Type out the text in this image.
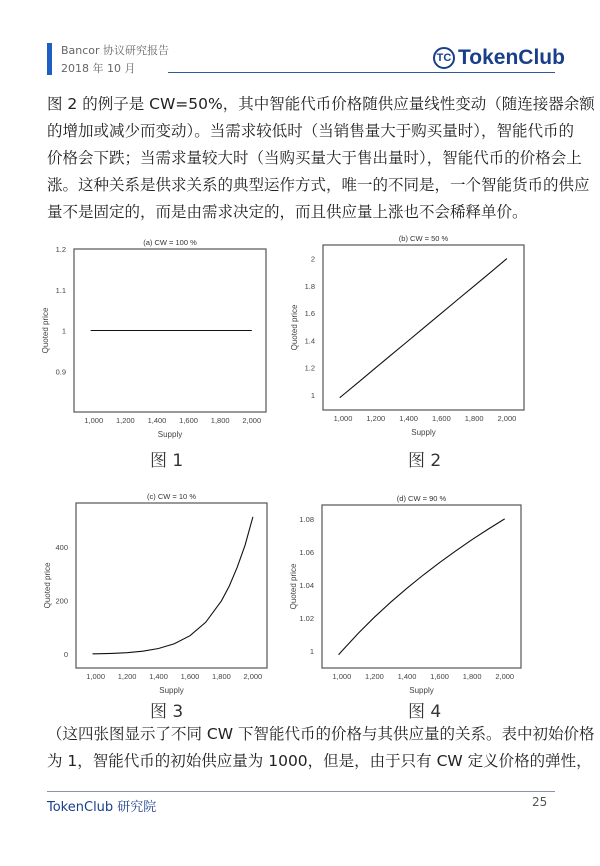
Bancor 协议研究报告
2018 年 10 月
TC TokenClub
图 2 的例子是 CW=50%，其中智能代币价格随供应量线性变动（随连接器余额
的增加或减少而变动）。当需求较低时（当销售量大于购买量时），智能代币的
价格会下跌；当需求量较大时（当购买量大于售出量时），智能代币的价格会上
涨。这种关系是供求关系的典型运作方式，唯一的不同是，一个智能货币的供应
量不是固定的，而是由需求决定的，而且供应量上涨也不会稀释单价。
(a) CW = 100 %
1,000 1,200 1,400 1,600 1,800 2,000
0.9
1
1.1
1.2
Supply
Quoted price
(b) CW = 50 %
1,000 1,200 1,400 1,600 1,800 2,000
1
1.2
1.4
1.6
1.8
2
Supply
Quoted price
(c) CW = 10 %
1,000 1,200 1,400 1,600 1,800 2,000
0
200
400
Supply
Quoted price
(d) CW = 90 %
1,000 1,200 1,400 1,600 1,800 2,000
1
1.02
1.04
1.06
1.08
Supply
Quoted price
图 1	图 2
图 3	图 4
（这四张图显示了不同 CW 下智能代币的价格与其供应量的关系。表中初始价格
为 1，智能代币的初始供应量为 1000，但是，由于只有 CW 定义价格的弹性，
TokenClub 研究院	25
